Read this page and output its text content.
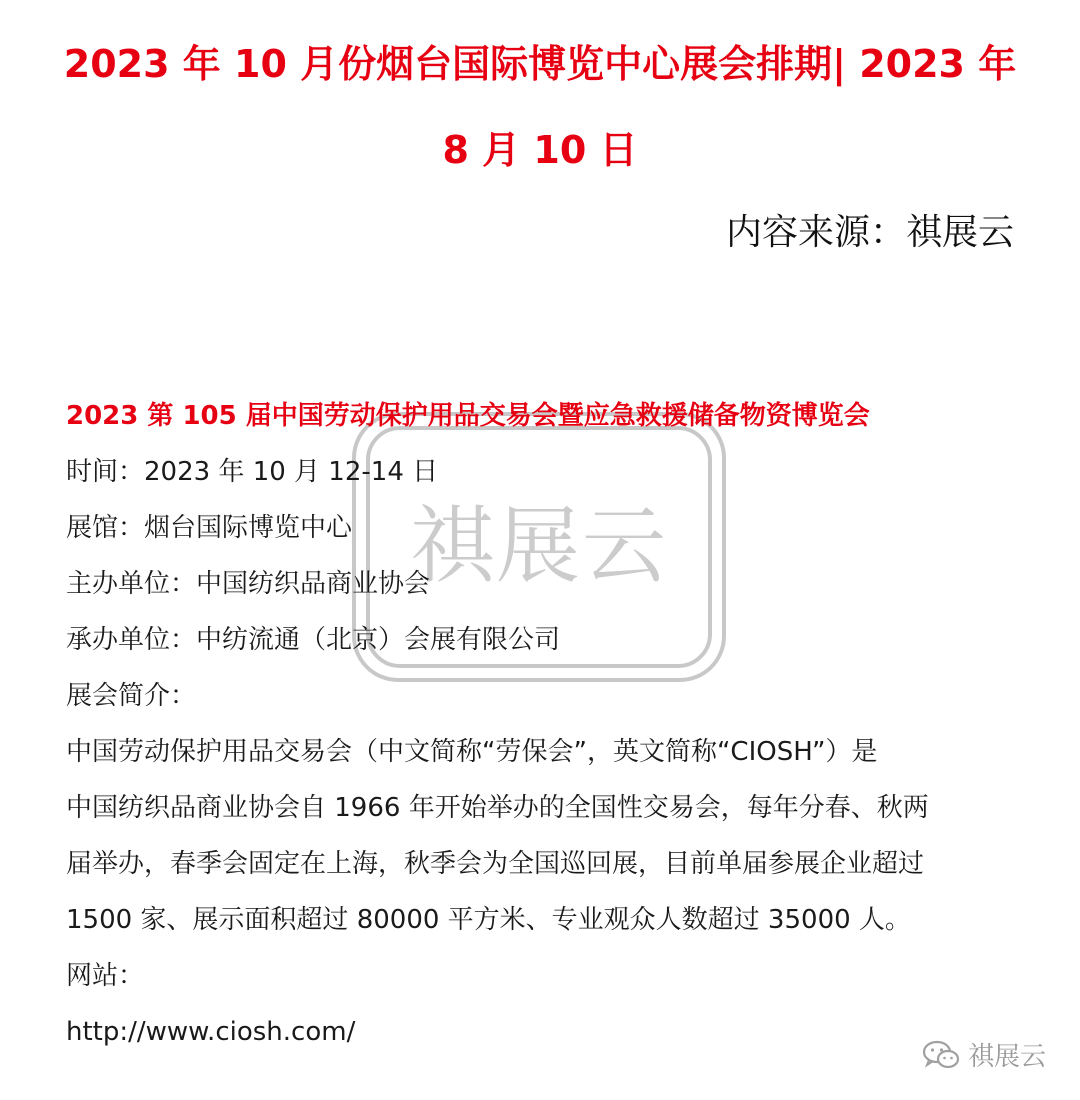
2023 年 10 月份烟台国际博览中心展会排期| 2023 年
8 月 10 日
内容来源：祺展云
祺展云

2023 第 105 届中国劳动保护用品交易会暨应急救援储备物资博览会

时间：2023 年 10 月 12-14 日

展馆：烟台国际博览中心

主办单位：中国纺织品商业协会

承办单位：中纺流通（北京）会展有限公司

展会简介：

中国劳动保护用品交易会（中文简称“劳保会”，英文简称“CIOSH”）是
中国纺织品商业协会自 1966 年开始举办的全国性交易会，每年分春、秋两
届举办，春季会固定在上海，秋季会为全国巡回展，目前单届参展企业超过
1500 家、展示面积超过 80000 平方米、专业观众人数超过 35000 人。

网站：

http://www.ciosh.com/

祺展云
